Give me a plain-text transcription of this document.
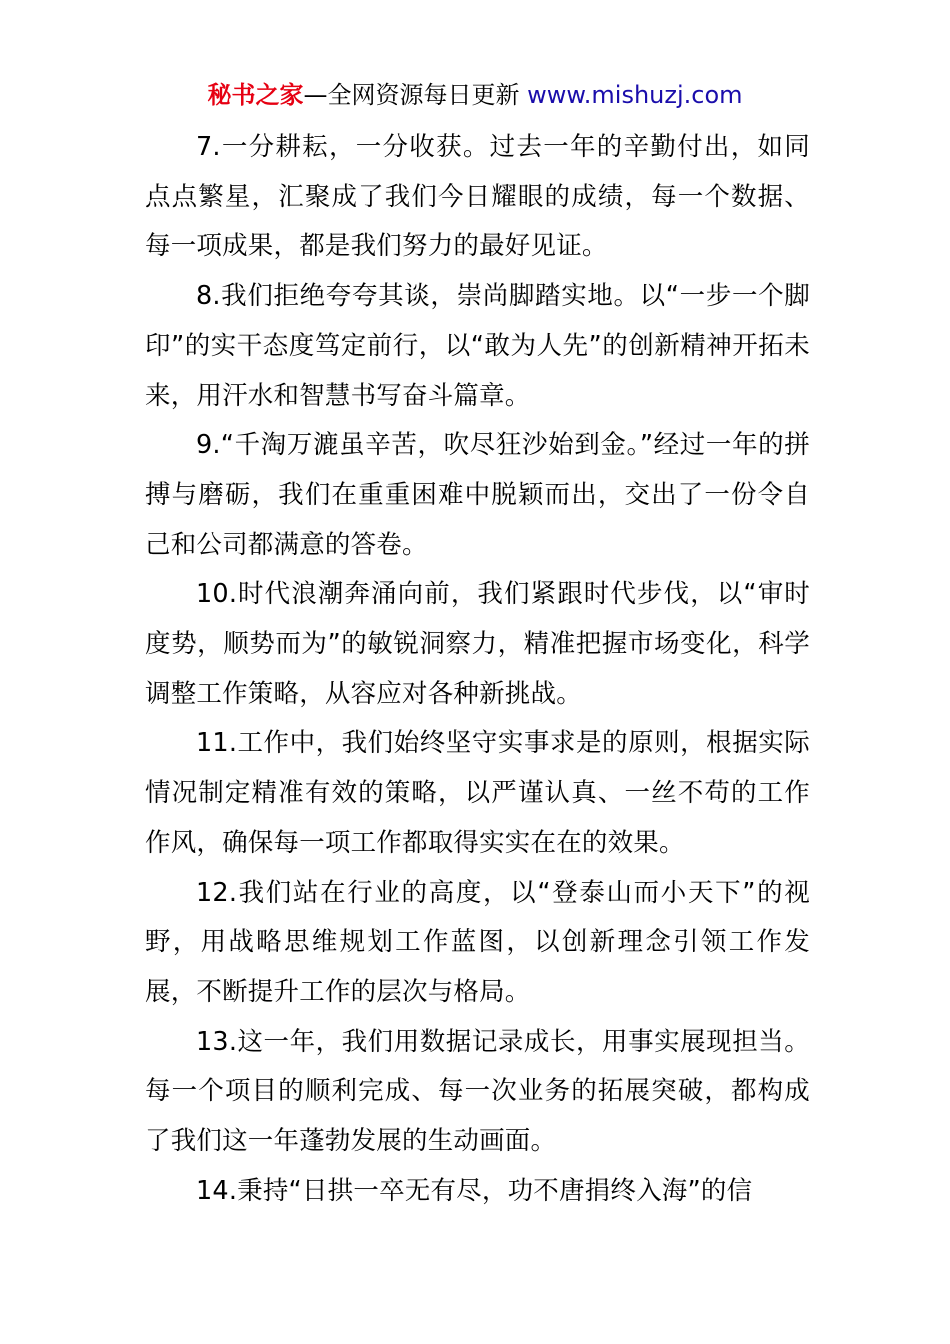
秘书之家—全网资源每日更新 www.mishuzj.com

7.一分耕耘，一分收获。过去一年的辛勤付出，如同点点繁星，汇聚成了我们今日耀眼的成绩，每一个数据、每一项成果，都是我们努力的最好见证。

8.我们拒绝夸夸其谈，崇尚脚踏实地。以“一步一个脚印”的实干态度笃定前行，以“敢为人先”的创新精神开拓未来，用汗水和智慧书写奋斗篇章。

9.“千淘万漉虽辛苦，吹尽狂沙始到金。”经过一年的拼搏与磨砺，我们在重重困难中脱颖而出，交出了一份令自己和公司都满意的答卷。

10.时代浪潮奔涌向前，我们紧跟时代步伐，以“审时度势，顺势而为”的敏锐洞察力，精准把握市场变化，科学调整工作策略，从容应对各种新挑战。

11.工作中，我们始终坚守实事求是的原则，根据实际情况制定精准有效的策略，以严谨认真、一丝不苟的工作作风，确保每一项工作都取得实实在在的效果。

12.我们站在行业的高度，以“登泰山而小天下”的视野，用战略思维规划工作蓝图，以创新理念引领工作发展，不断提升工作的层次与格局。

13.这一年，我们用数据记录成长，用事实展现担当。每一个项目的顺利完成、每一次业务的拓展突破，都构成了我们这一年蓬勃发展的生动画面。

14.秉持“日拱一卒无有尽，功不唐捐终入海”的信
